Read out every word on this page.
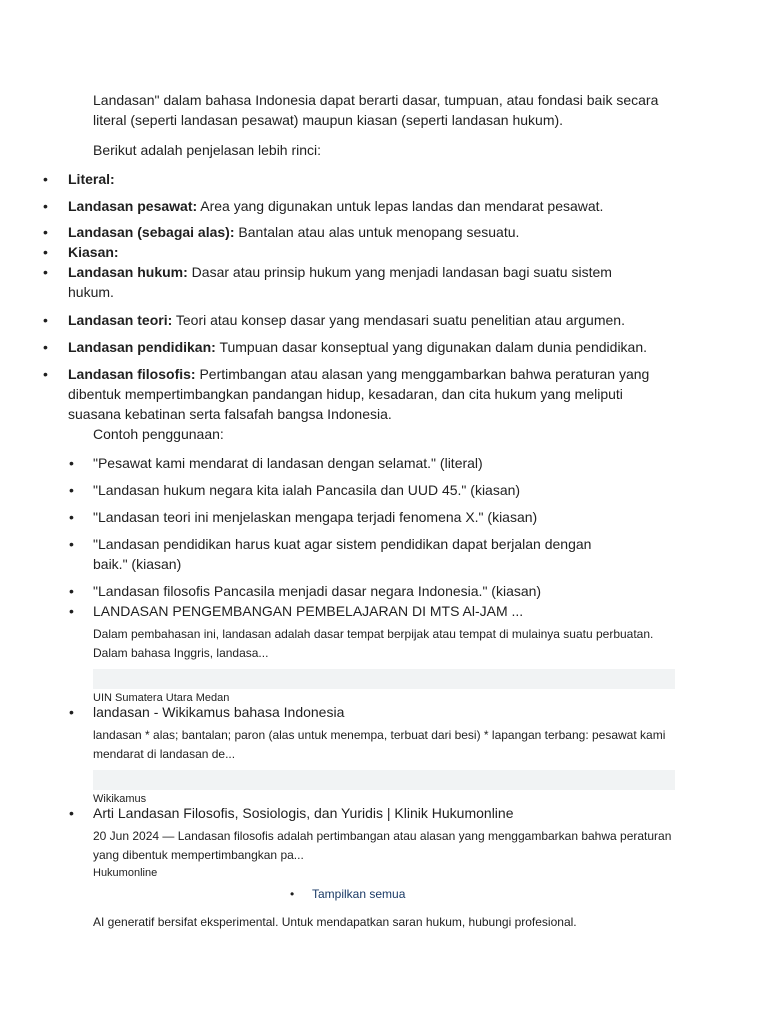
Landasan" dalam bahasa Indonesia dapat berarti dasar, tumpuan, atau fondasi baik secara literal (seperti landasan pesawat) maupun kiasan (seperti landasan hukum).

Berikut adalah penjelasan lebih rinci:

• Literal:
• Landasan pesawat: Area yang digunakan untuk lepas landas dan mendarat pesawat.
• Landasan (sebagai alas): Bantalan atau alas untuk menopang sesuatu.
• Kiasan:
• Landasan hukum: Dasar atau prinsip hukum yang menjadi landasan bagi suatu sistem hukum.
• Landasan teori: Teori atau konsep dasar yang mendasari suatu penelitian atau argumen.
• Landasan pendidikan: Tumpuan dasar konseptual yang digunakan dalam dunia pendidikan.
• Landasan filosofis: Pertimbangan atau alasan yang menggambarkan bahwa peraturan yang dibentuk mempertimbangkan pandangan hidup, kesadaran, dan cita hukum yang meliputi suasana kebatinan serta falsafah bangsa Indonesia.
Contoh penggunaan:
• "Pesawat kami mendarat di landasan dengan selamat." (literal)
• "Landasan hukum negara kita ialah Pancasila dan UUD 45." (kiasan)
• "Landasan teori ini menjelaskan mengapa terjadi fenomena X." (kiasan)
• "Landasan pendidikan harus kuat agar sistem pendidikan dapat berjalan dengan baik." (kiasan)
• "Landasan filosofis Pancasila menjadi dasar negara Indonesia." (kiasan)
• LANDASAN PENGEMBANGAN PEMBELAJARAN DI MTS Al-JAM ...
Dalam pembahasan ini, landasan adalah dasar tempat berpijak atau tempat di mulainya suatu perbuatan. Dalam bahasa Inggris, landasa...
UIN Sumatera Utara Medan
• landasan - Wikikamus bahasa Indonesia
landasan * alas; bantalan; paron (alas untuk menempa, terbuat dari besi) * lapangan terbang: pesawat kami mendarat di landasan de...
Wikikamus
• Arti Landasan Filosofis, Sosiologis, dan Yuridis | Klinik Hukumonline
20 Jun 2024 — Landasan filosofis adalah pertimbangan atau alasan yang menggambarkan bahwa peraturan yang dibentuk mempertimbangkan pa...
Hukumonline
• Tampilkan semua
AI generatif bersifat eksperimental. Untuk mendapatkan saran hukum, hubungi profesional.
